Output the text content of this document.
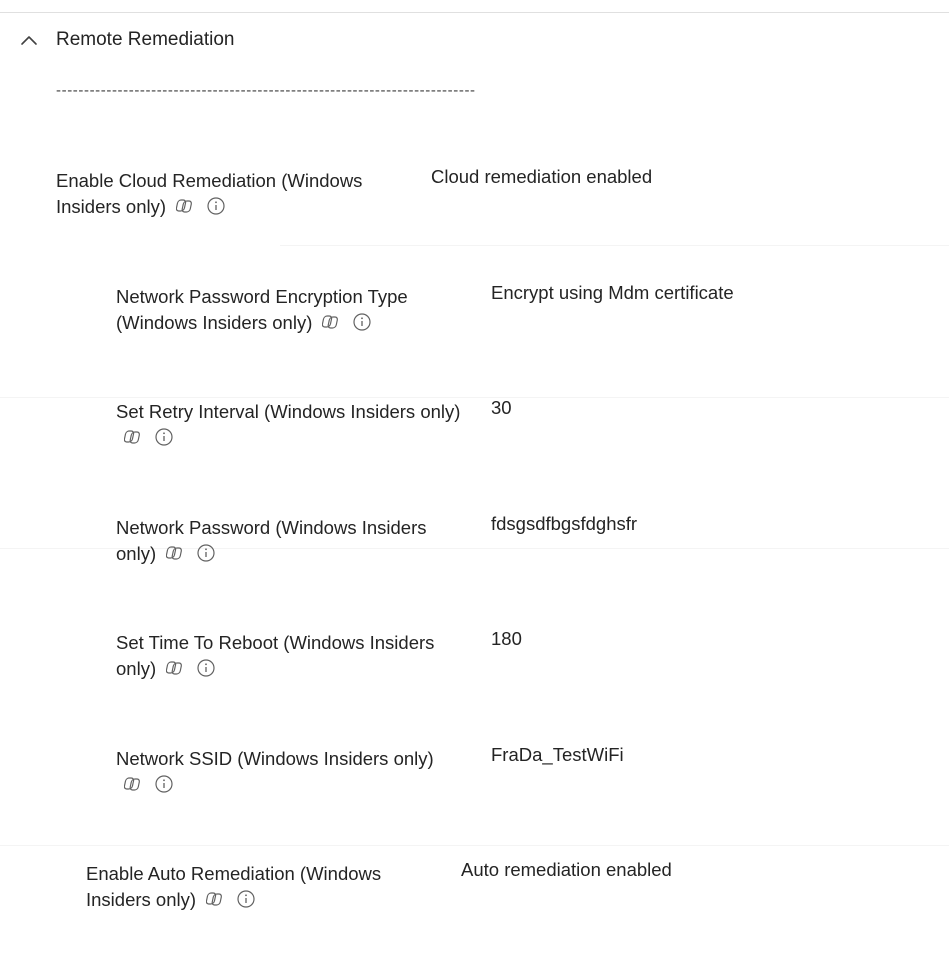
Remote Remediation
---------------------------------------------------------------------------
Enable Cloud Remediation (Windows
Insiders only)
Cloud remediation enabled
Network Password Encryption Type
(Windows Insiders only)
Encrypt using Mdm certificate
Set Retry Interval (Windows Insiders only) 30
Network Password (Windows Insiders
only)
fdsgsdfbgsfdghsfr
Set Time To Reboot (Windows Insiders
only)
180
Network SSID (Windows Insiders only)	FraDa_TestWiFi
Enable Auto Remediation (Windows
Insiders only)
Auto remediation enabled
